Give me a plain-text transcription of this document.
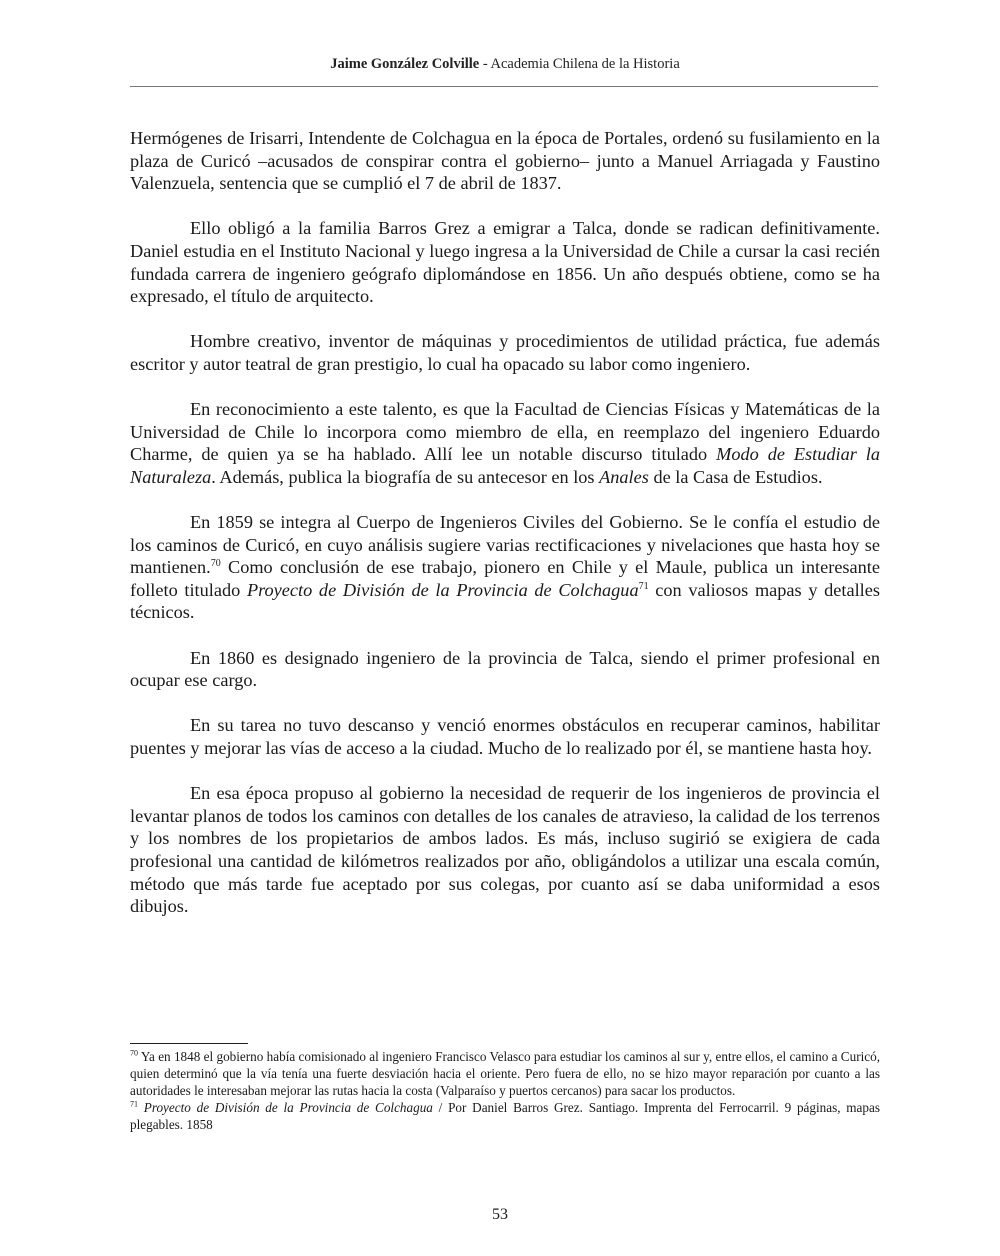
Jaime González Colville - Academia Chilena de la Historia

Hermógenes de Irisarri, Intendente de Colchagua en la época de Portales, ordenó su fusilamiento en la plaza de Curicó –acusados de conspirar contra el gobierno– junto a Manuel Arriagada y Faustino Valenzuela, sentencia que se cumplió el 7 de abril de 1837.

Ello obligó a la familia Barros Grez a emigrar a Talca, donde se radican definitivamente. Daniel estudia en el Instituto Nacional y luego ingresa a la Universidad de Chile a cursar la casi recién fundada carrera de ingeniero geógrafo diplomándose en 1856. Un año después obtiene, como se ha expresado, el título de arquitecto.

Hombre creativo, inventor de máquinas y procedimientos de utilidad práctica, fue además escritor y autor teatral de gran prestigio, lo cual ha opacado su labor como ingeniero.

En reconocimiento a este talento, es que la Facultad de Ciencias Físicas y Matemáticas de la Universidad de Chile lo incorpora como miembro de ella, en reemplazo del ingeniero Eduardo Charme, de quien ya se ha hablado. Allí lee un notable discurso titulado Modo de Estudiar la Naturaleza. Además, publica la biografía de su antecesor en los Anales de la Casa de Estudios.

En 1859 se integra al Cuerpo de Ingenieros Civiles del Gobierno. Se le confía el estudio de los caminos de Curicó, en cuyo análisis sugiere varias rectificaciones y nivelaciones que hasta hoy se mantienen.$^{70}$ Como conclusión de ese trabajo, pionero en Chile y el Maule, publica un interesante folleto titulado Proyecto de División de la Provincia de Colchagua$^{71}$ con valiosos mapas y detalles técnicos.

En 1860 es designado ingeniero de la provincia de Talca, siendo el primer profesional en ocupar ese cargo.

En su tarea no tuvo descanso y venció enormes obstáculos en recuperar caminos, habilitar puentes y mejorar las vías de acceso a la ciudad. Mucho de lo realizado por él, se mantiene hasta hoy.

En esa época propuso al gobierno la necesidad de requerir de los ingenieros de provincia el levantar planos de todos los caminos con detalles de los canales de atravieso, la calidad de los terrenos y los nombres de los propietarios de ambos lados. Es más, incluso sugirió se exigiera de cada profesional una cantidad de kilómetros realizados por año, obligándolos a utilizar una escala común, método que más tarde fue aceptado por sus colegas, por cuanto así se daba uniformidad a esos dibujos.

$^{70}$ Ya en 1848 el gobierno había comisionado al ingeniero Francisco Velasco para estudiar los caminos al sur y, entre ellos, el camino a Curicó, quien determinó que la vía tenía una fuerte desviación hacia el oriente. Pero fuera de ello, no se hizo mayor reparación por cuanto a las autoridades le interesaban mejorar las rutas hacia la costa (Valparaíso y puertos cercanos) para sacar los productos.

$^{71}$ Proyecto de División de la Provincia de Colchagua / Por Daniel Barros Grez. Santiago. Imprenta del Ferrocarril. 9 páginas, mapas plegables. 1858

53
